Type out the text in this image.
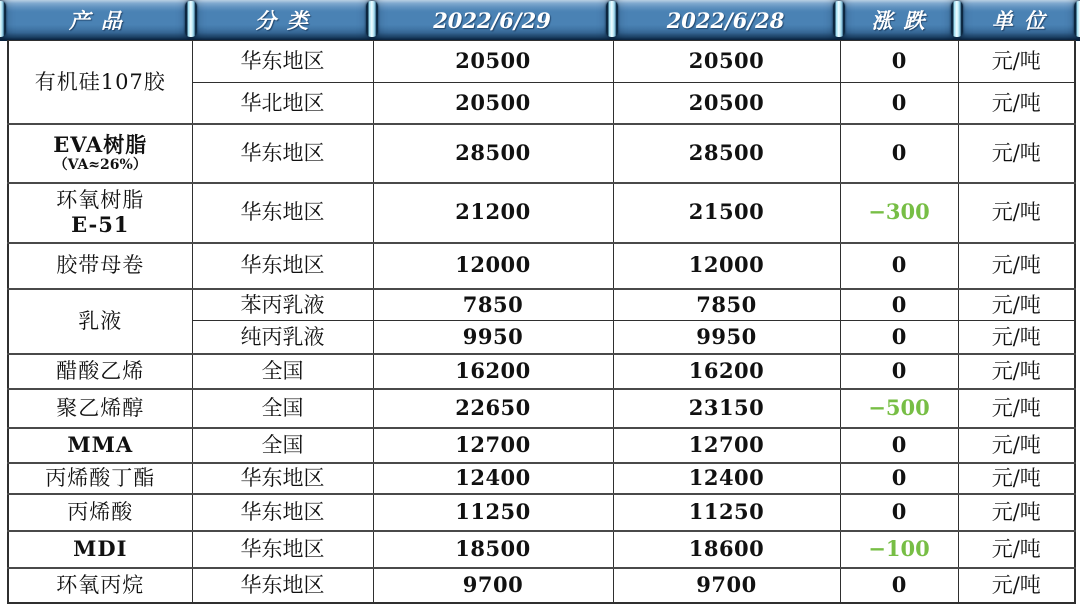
产品	分类	2022/6/29	2022/6/28	涨跌	单位
有机硅107胶	华东地区	20500	20500	0	元/吨
	华北地区	20500	20500	0	元/吨

EVA树脂
（VA≈26%）	华东地区	28500	28500	0	元/吨

环氧树脂
E-51	华东地区	21200	21500	−300	元/吨
胶带母卷	华东地区	12000	12000	0	元/吨
乳液	苯丙乳液	7850	7850	0	元/吨
	纯丙乳液	9950	9950	0	元/吨
醋酸乙烯	全国	16200	16200	0	元/吨
聚乙烯醇	全国	22650	23150	−500	元/吨
MMA	全国	12700	12700	0	元/吨
丙烯酸丁酯	华东地区	12400	12400	0	元/吨
丙烯酸	华东地区	11250	11250	0	元/吨
MDI	华东地区	18500	18600	−100	元/吨
环氧丙烷	华东地区	9700	9700	0	元/吨
